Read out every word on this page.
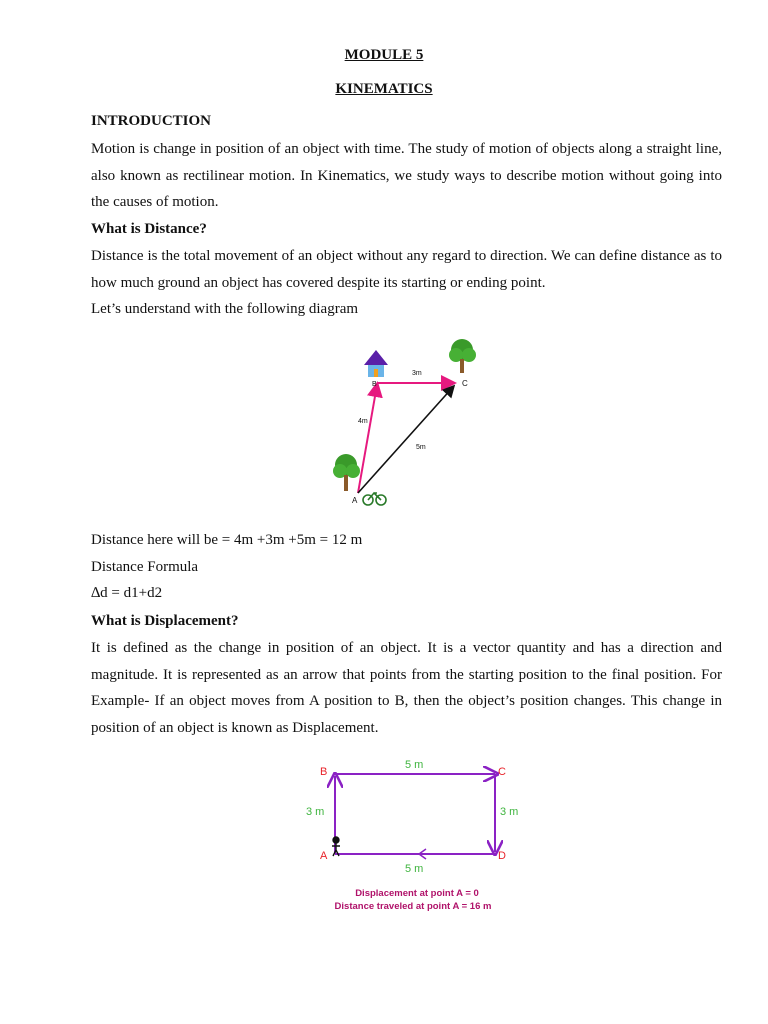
MODULE 5
KINEMATICS
INTRODUCTION
Motion is change in position of an object with time. The study of motion of objects along a straight line, also known as rectilinear motion. In Kinematics, we study ways to describe motion without going into the causes of motion.
What is Distance?
Distance is the total movement of an object without any regard to direction. We can define distance as to how much ground an object has covered despite its starting or ending point.
Let’s understand with the following diagram
A
B	C
4m
3m
5m
Distance here will be = 4m +3m +5m = 12 m
Distance Formula
∆d = d1+d2
What is Displacement?
It is defined as the change in position of an object. It is a vector quantity and has a direction and magnitude. It is represented as an arrow that points from the starting position to the final position. For Example- If an object moves from A position to B, then the object’s position changes. This change in position of an object is known as Displacement.
B	C
A	D
5 m
5 m
3 m	3 m
Displacement at point A = 0
Distance traveled at point A = 16 m
